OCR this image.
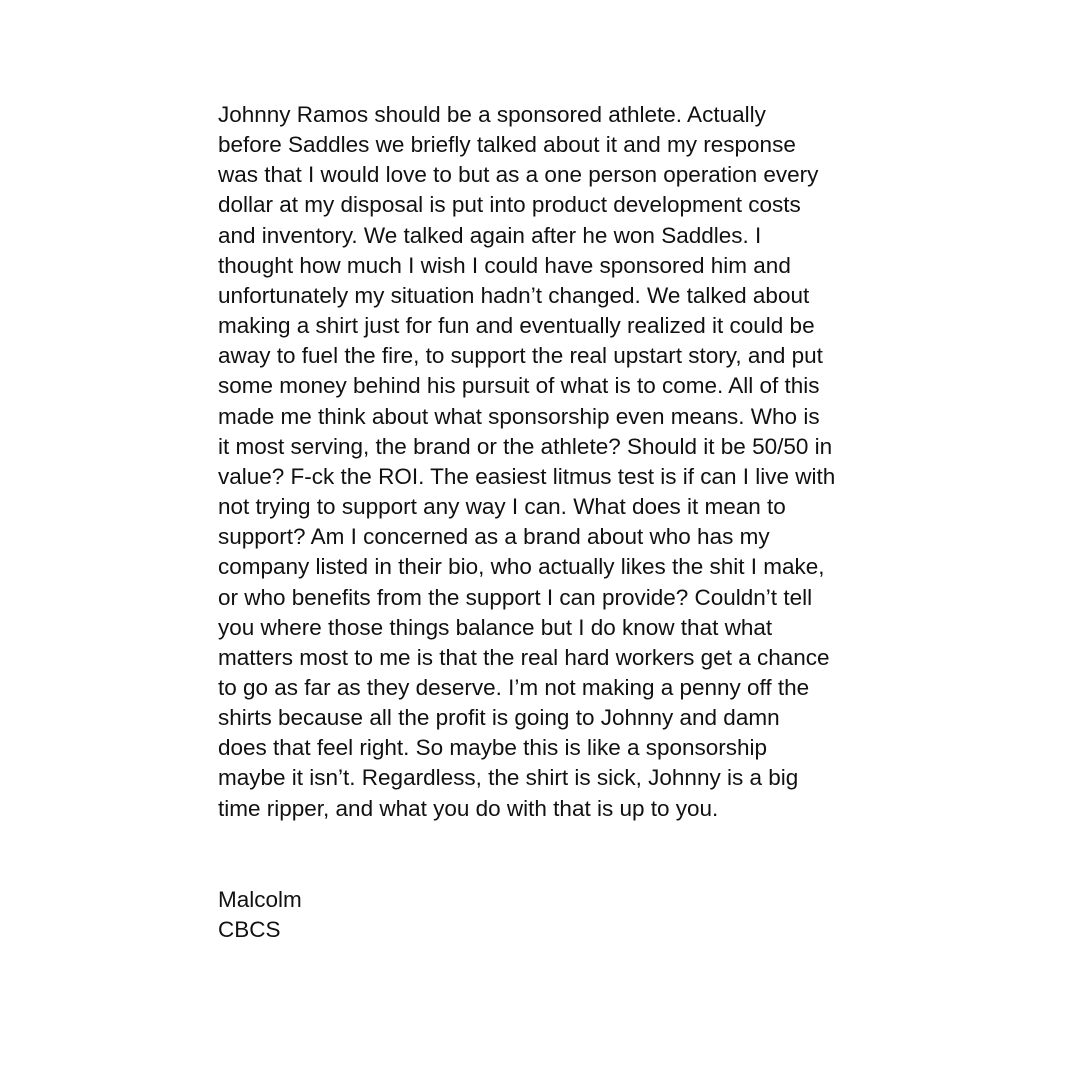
Johnny Ramos should be a sponsored athlete. Actually
before Saddles we briefly talked about it and my response
was that I would love to but as a one person operation every
dollar at my disposal is put into product development costs
and inventory. We talked again after he won Saddles. I
thought how much I wish I could have sponsored him and
unfortunately my situation hadn’t changed. We talked about
making a shirt just for fun and eventually realized it could be
away to fuel the fire, to support the real upstart story, and put
some money behind his pursuit of what is to come. All of this
made me think about what sponsorship even means. Who is
it most serving, the brand or the athlete? Should it be 50/50 in
value? F-ck the ROI. The easiest litmus test is if can I live with
not trying to support any way I can. What does it mean to
support? Am I concerned as a brand about who has my
company listed in their bio, who actually likes the shit I make,
or who benefits from the support I can provide? Couldn’t tell
you where those things balance but I do know that what
matters most to me is that the real hard workers get a chance
to go as far as they deserve. I’m not making a penny off the
shirts because all the profit is going to Johnny and damn
does that feel right. So maybe this is like a sponsorship
maybe it isn’t. Regardless, the shirt is sick, Johnny is a big
time ripper, and what you do with that is up to you.
Malcolm
CBCS
